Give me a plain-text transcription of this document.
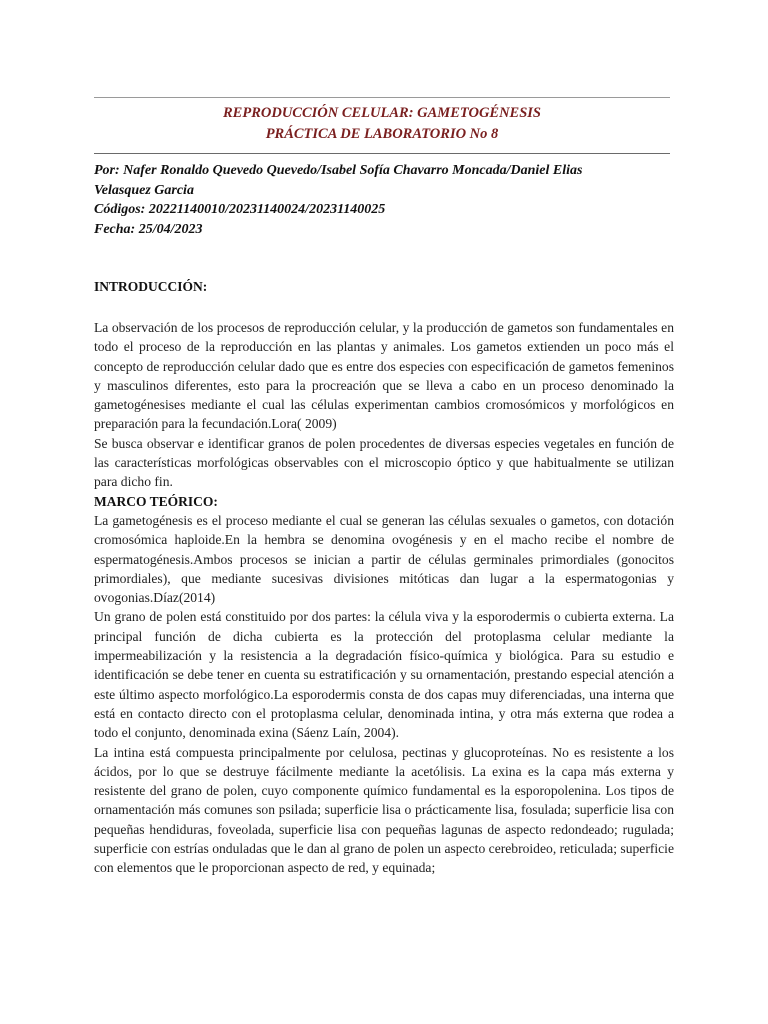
REPRODUCCIÓN CELULAR: GAMETOGÉNESIS
PRÁCTICA DE LABORATORIO No 8
Por: Nafer Ronaldo Quevedo Quevedo/Isabel Sofía Chavarro Moncada/Daniel Elias
Velasquez Garcia
Códigos: 20221140010/20231140024/20231140025
Fecha: 25/04/2023
INTRODUCCIÓN:

La observación de los procesos de reproducción celular, y la producción de gametos son fundamentales en todo el proceso de la reproducción en las plantas y animales. Los gametos extienden un poco más el concepto de reproducción celular dado que es entre dos especies con especificación de gametos femeninos y masculinos diferentes, esto para la procreación que se lleva a cabo en un proceso denominado la gametogénesises mediante el cual las células experimentan cambios cromosómicos y morfológicos en preparación para la fecundación.Lora( 2009)

Se busca observar e identificar granos de polen procedentes de diversas especies vegetales en función de las características morfológicas observables con el microscopio óptico y que habitualmente se utilizan para dicho fin.

MARCO TEÓRICO:

La gametogénesis es el proceso mediante el cual se generan las células sexuales o gametos, con dotación cromosómica haploide.En la hembra se denomina ovogénesis y en el macho recibe el nombre de espermatogénesis.Ambos procesos se inician a partir de células germinales primordiales (gonocitos primordiales), que mediante sucesivas divisiones mitóticas dan lugar a la espermatogonias y ovogonias.Díaz(2014)

Un grano de polen está constituido por dos partes: la célula viva y la esporodermis o cubierta externa. La principal función de dicha cubierta es la protección del protoplasma celular mediante la impermeabilización y la resistencia a la degradación físico-química y biológica. Para su estudio e identificación se debe tener en cuenta su estratificación y su ornamentación, prestando especial atención a este último aspecto morfológico.La esporodermis consta de dos capas muy diferenciadas, una interna que está en contacto directo con el protoplasma celular, denominada intina, y otra más externa que rodea a todo el conjunto, denominada exina (Sáenz Laín, 2004).

La intina está compuesta principalmente por celulosa, pectinas y glucoproteínas. No es resistente a los ácidos, por lo que se destruye fácilmente mediante la acetólisis. La exina es la capa más externa y resistente del grano de polen, cuyo componente químico fundamental es la esporopolenina. Los tipos de ornamentación más comunes son psilada; superficie lisa o prácticamente lisa, fosulada; superficie lisa con pequeñas hendiduras, foveolada, superficie lisa con pequeñas lagunas de aspecto redondeado; rugulada; superficie con estrías onduladas que le dan al grano de polen un aspecto cerebroideo, reticulada; superficie con elementos que le proporcionan aspecto de red, y equinada;
